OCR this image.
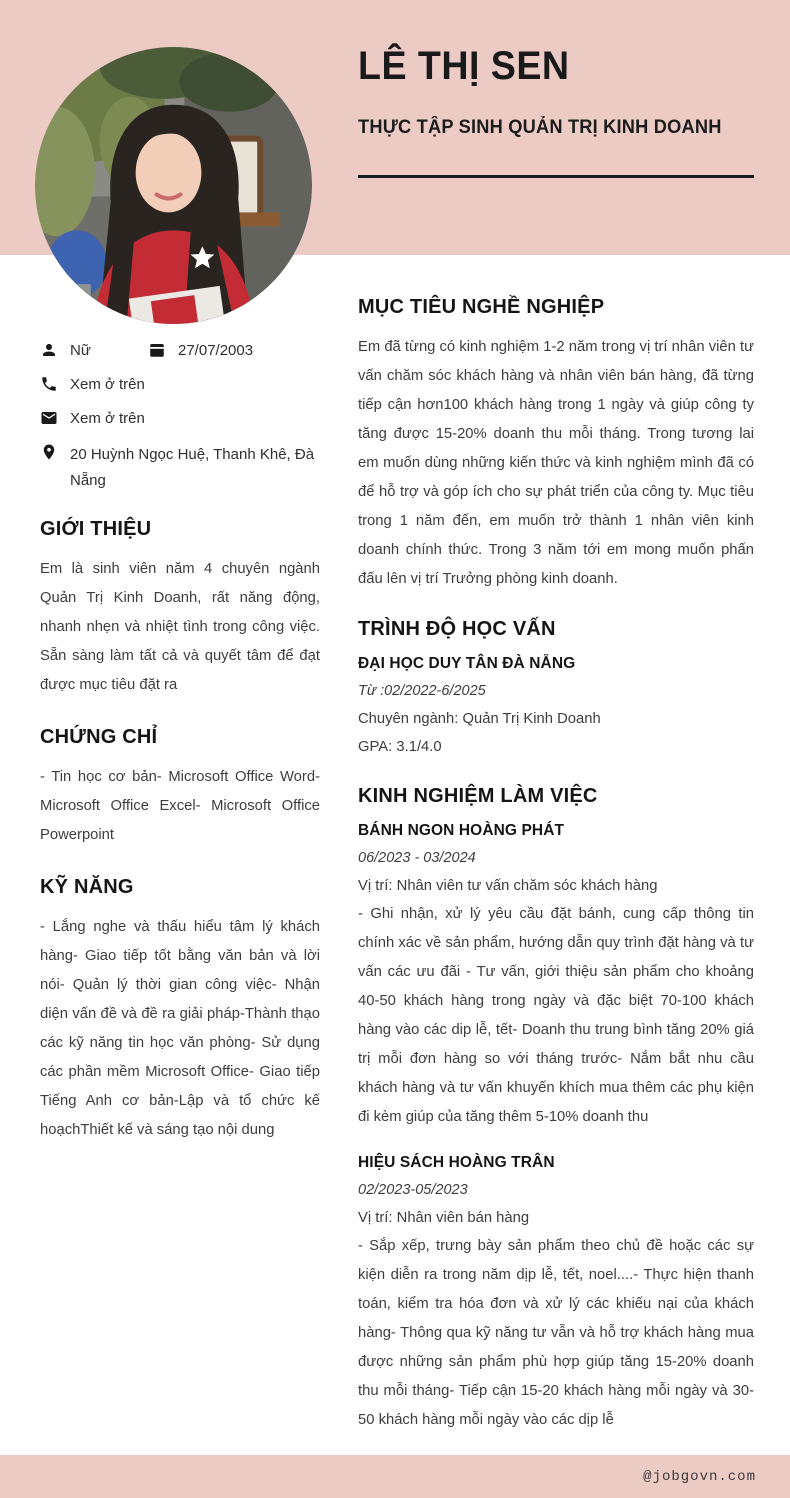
LÊ THỊ SEN
THỰC TẬP SINH QUẢN TRỊ KINH DOANH
Nữ	27/07/2003
Xem ở trên
Xem ở trên
20 Huỳnh Ngọc Huệ, Thanh Khê, Đà Nẵng
GIỚI THIỆU

Em là sinh viên năm 4 chuyên ngành Quản Trị Kinh Doanh, rất năng động, nhanh nhẹn và nhiệt tình trong công việc. Sẵn sàng làm tất cả và quyết tâm để đạt được mục tiêu đặt ra

CHỨNG CHỈ

- Tin học cơ bản- Microsoft Office Word- Microsoft Office Excel- Microsoft Office Powerpoint

KỸ NĂNG

- Lắng nghe và thấu hiểu tâm lý khách hàng- Giao tiếp tốt bằng văn bản và lời nói- Quản lý thời gian công việc- Nhận diện vấn đề và đề ra giải pháp-Thành thạo các kỹ năng tin học văn phòng- Sử dụng các phần mềm Microsoft Office- Giao tiếp Tiếng Anh cơ bản-Lập và tổ chức kế hoạchThiết kế và sáng tạo nội dung

MỤC TIÊU NGHỀ NGHIỆP

Em đã từng có kinh nghiệm 1-2 năm trong vị trí nhân viên tư vấn chăm sóc khách hàng và nhân viên bán hàng, đã từng tiếp cận hơn100 khách hàng trong 1 ngày và giúp công ty tăng được 15-20% doanh thu mỗi tháng. Trong tương lai em muốn dùng những kiến thức và kinh nghiệm mình đã có để hỗ trợ và góp ích cho sự phát triển của công ty. Mục tiêu trong 1 năm đến, em muốn trở thành 1 nhân viên kinh doanh chính thức. Trong 3 năm tới em mong muốn phấn đấu lên vị trí Trưởng phòng kinh doanh.

TRÌNH ĐỘ HỌC VẤN
ĐẠI HỌC DUY TÂN ĐÀ NẴNG

Từ :02/2022-6/2025

Chuyên ngành: Quản Trị Kinh Doanh

GPA: 3.1/4.0

KINH NGHIỆM LÀM VIỆC
BÁNH NGON HOÀNG PHÁT

06/2023 - 03/2024

Vị trí: Nhân viên tư vấn chăm sóc khách hàng

- Ghi nhận, xử lý yêu cầu đặt bánh, cung cấp thông tin chính xác về sản phẩm, hướng dẫn quy trình đặt hàng và tư vấn các ưu đãi - Tư vấn, giới thiệu sản phẩm cho khoảng 40-50 khách hàng trong ngày và đặc biệt 70-100 khách hàng vào các dip lễ, tết- Doanh thu trung bình tăng 20% giá trị mỗi đơn hàng so với tháng trước- Nắm bắt nhu cầu khách hàng và tư vấn khuyến khích mua thêm các phụ kiện đi kèm giúp của tăng thêm 5-10% doanh thu

HIỆU SÁCH HOÀNG TRÂN

02/2023-05/2023

Vị trí: Nhân viên bán hàng

- Sắp xếp, trưng bày sản phẩm theo chủ đề hoặc các sự kiện diễn ra trong năm dịp lễ, tết, noel....- Thực hiện thanh toán, kiểm tra hóa đơn và xử lý các khiếu nại của khách hàng- Thông qua kỹ năng tư vẫn và hỗ trợ khách hàng mua được những sản phẩm phù hợp giúp tăng 15-20% doanh thu mỗi tháng- Tiếp cận 15-20 khách hàng mỗi ngày và 30-50 khách hàng mỗi ngày vào các dịp lễ

@jobgovn.com
